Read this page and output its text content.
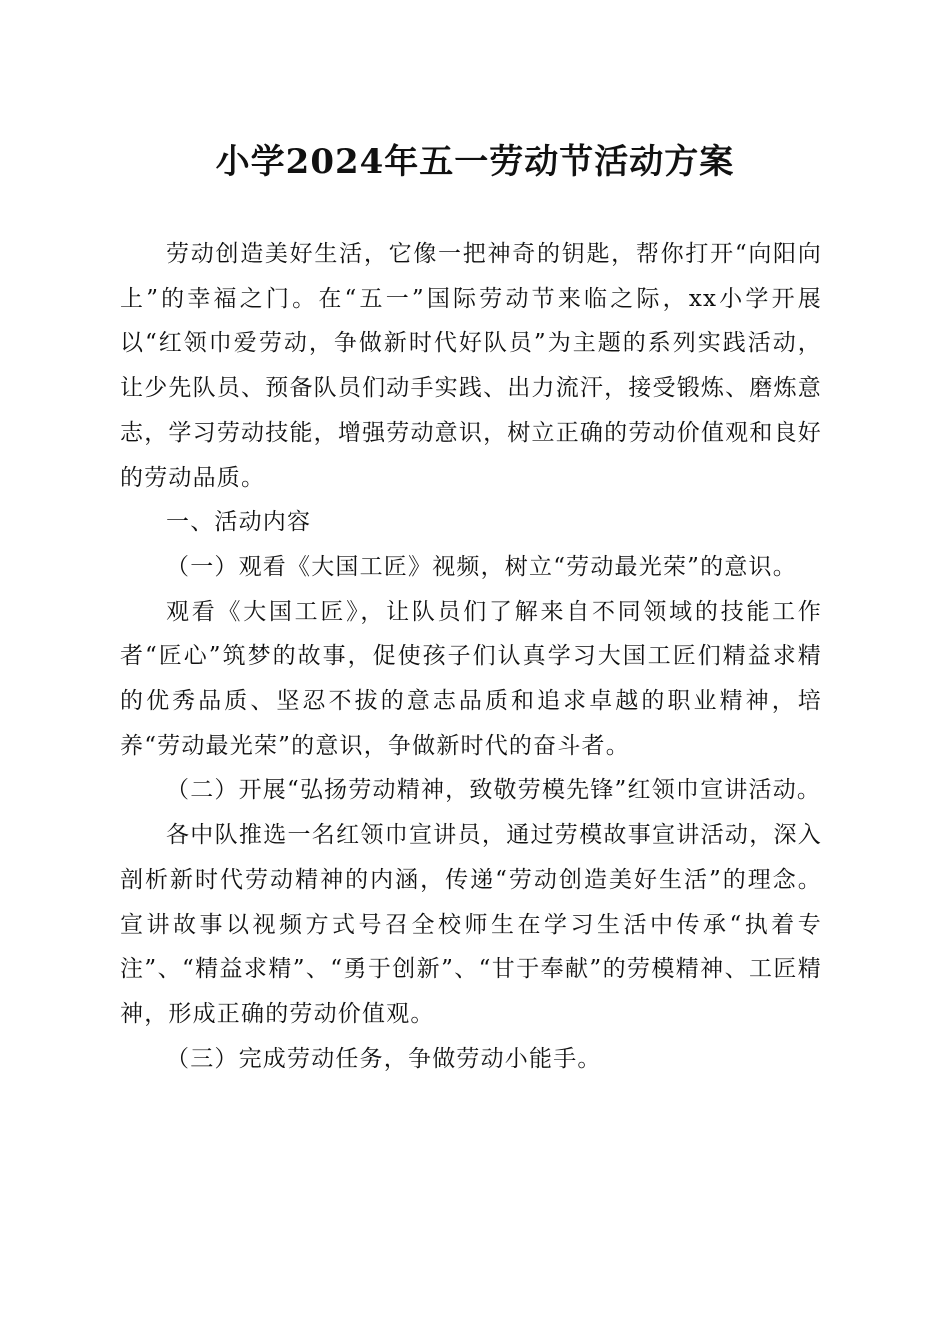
小学2024年五一劳动节活动方案

劳动创造美好生活，它像一把神奇的钥匙，帮你打开“向阳向上”的幸福之门。在“五一”国际劳动节来临之际，xx小学开展以“红领巾爱劳动，争做新时代好队员”为主题的系列实践活动，让少先队员、预备队员们动手实践、出力流汗，接受锻炼、磨炼意志，学习劳动技能，增强劳动意识，树立正确的劳动价值观和良好的劳动品质。

一、活动内容

（一）观看《大国工匠》视频，树立“劳动最光荣”的意识。

观看《大国工匠》，让队员们了解来自不同领域的技能工作者“匠心”筑梦的故事，促使孩子们认真学习大国工匠们精益求精的优秀品质、坚忍不拔的意志品质和追求卓越的职业精神，培养“劳动最光荣”的意识，争做新时代的奋斗者。

（二）开展“弘扬劳动精神，致敬劳模先锋”红领巾宣讲活动。

各中队推选一名红领巾宣讲员，通过劳模故事宣讲活动，深入剖析新时代劳动精神的内涵，传递“劳动创造美好生活”的理念。宣讲故事以视频方式号召全校师生在学习生活中传承“执着专注”、“精益求精”、“勇于创新”、“甘于奉献”的劳模精神、工匠精神，形成正确的劳动价值观。

（三）完成劳动任务，争做劳动小能手。
